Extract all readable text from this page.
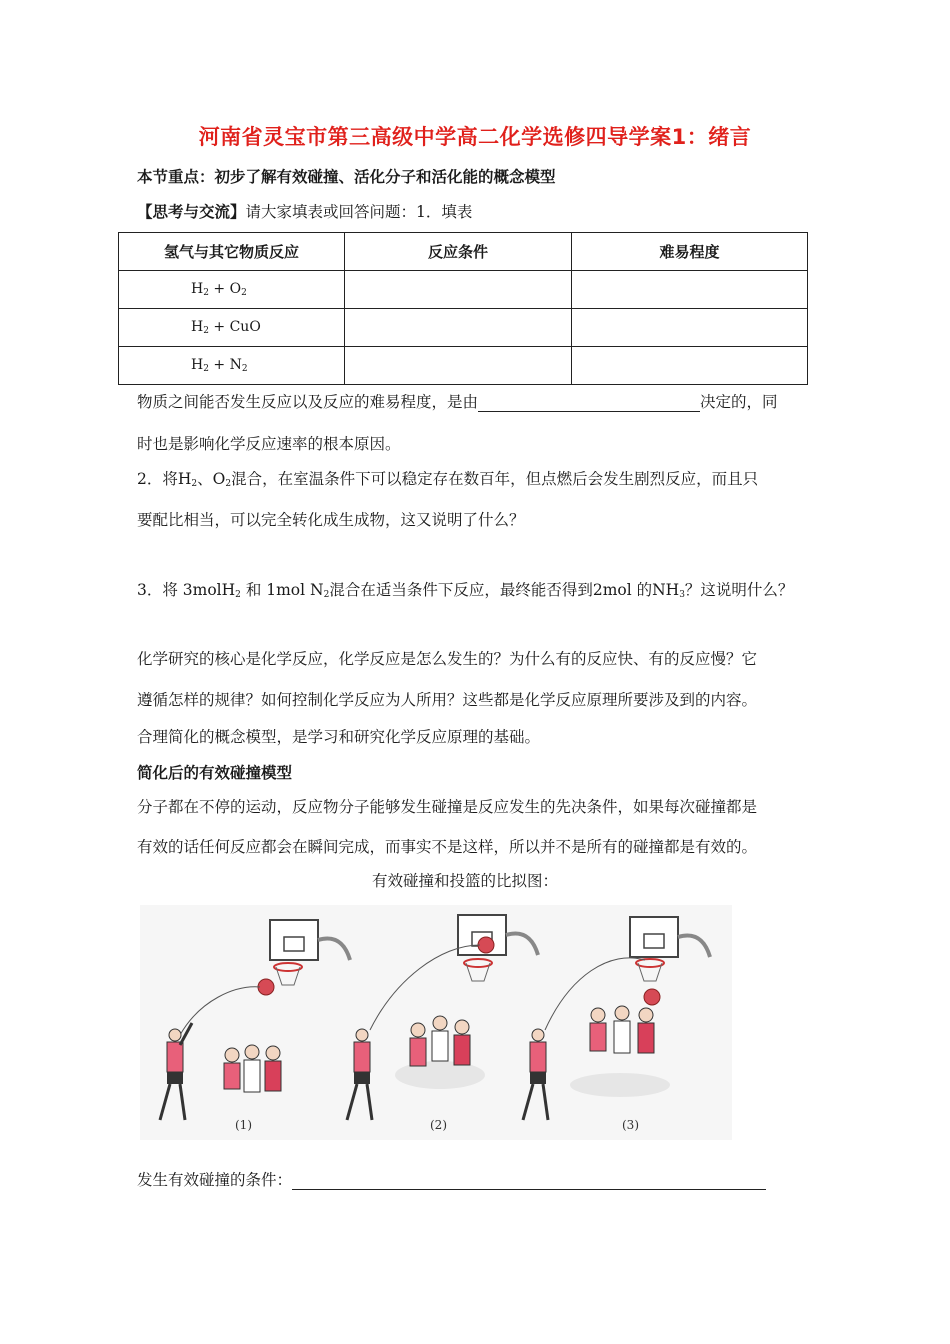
河南省灵宝市第三高级中学高二化学选修四导学案1：绪言
本节重点：初步了解有效碰撞、活化分子和活化能的概念模型
【思考与交流】请大家填表或回答问题：1．填表
氢气与其它物质反应	反应条件	难易程度
$H_2 + O_2$		
$H_2$ + CuO		
$H_2 + N_2$		
物质之间能否发生反应以及反应的难易程度，是由	决定的，同
时也是影响化学反应速率的根本原因。
2．将$H_2$、$O_2$混合，在室温条件下可以稳定存在数百年，但点燃后会发生剧烈反应，而且只
要配比相当，可以完全转化成生成物，这又说明了什么？
3．将 3molH$_2$ 和 1mol $N_2$混合在适当条件下反应，最终能否得到2mol 的$NH_3$？这说明什么？
化学研究的核心是化学反应，化学反应是怎么发生的？为什么有的反应快、有的反应慢？它
遵循怎样的规律？如何控制化学反应为人所用？这些都是化学反应原理所要涉及到的内容。
合理简化的概念模型，是学习和研究化学反应原理的基础。
简化后的有效碰撞模型
分子都在不停的运动，反应物分子能够发生碰撞是反应发生的先决条件，如果每次碰撞都是
有效的话任何反应都会在瞬间完成，而事实不是这样，所以并不是所有的碰撞都是有效的。
有效碰撞和投篮的比拟图：
(1)	(2)	(3)
发生有效碰撞的条件：
